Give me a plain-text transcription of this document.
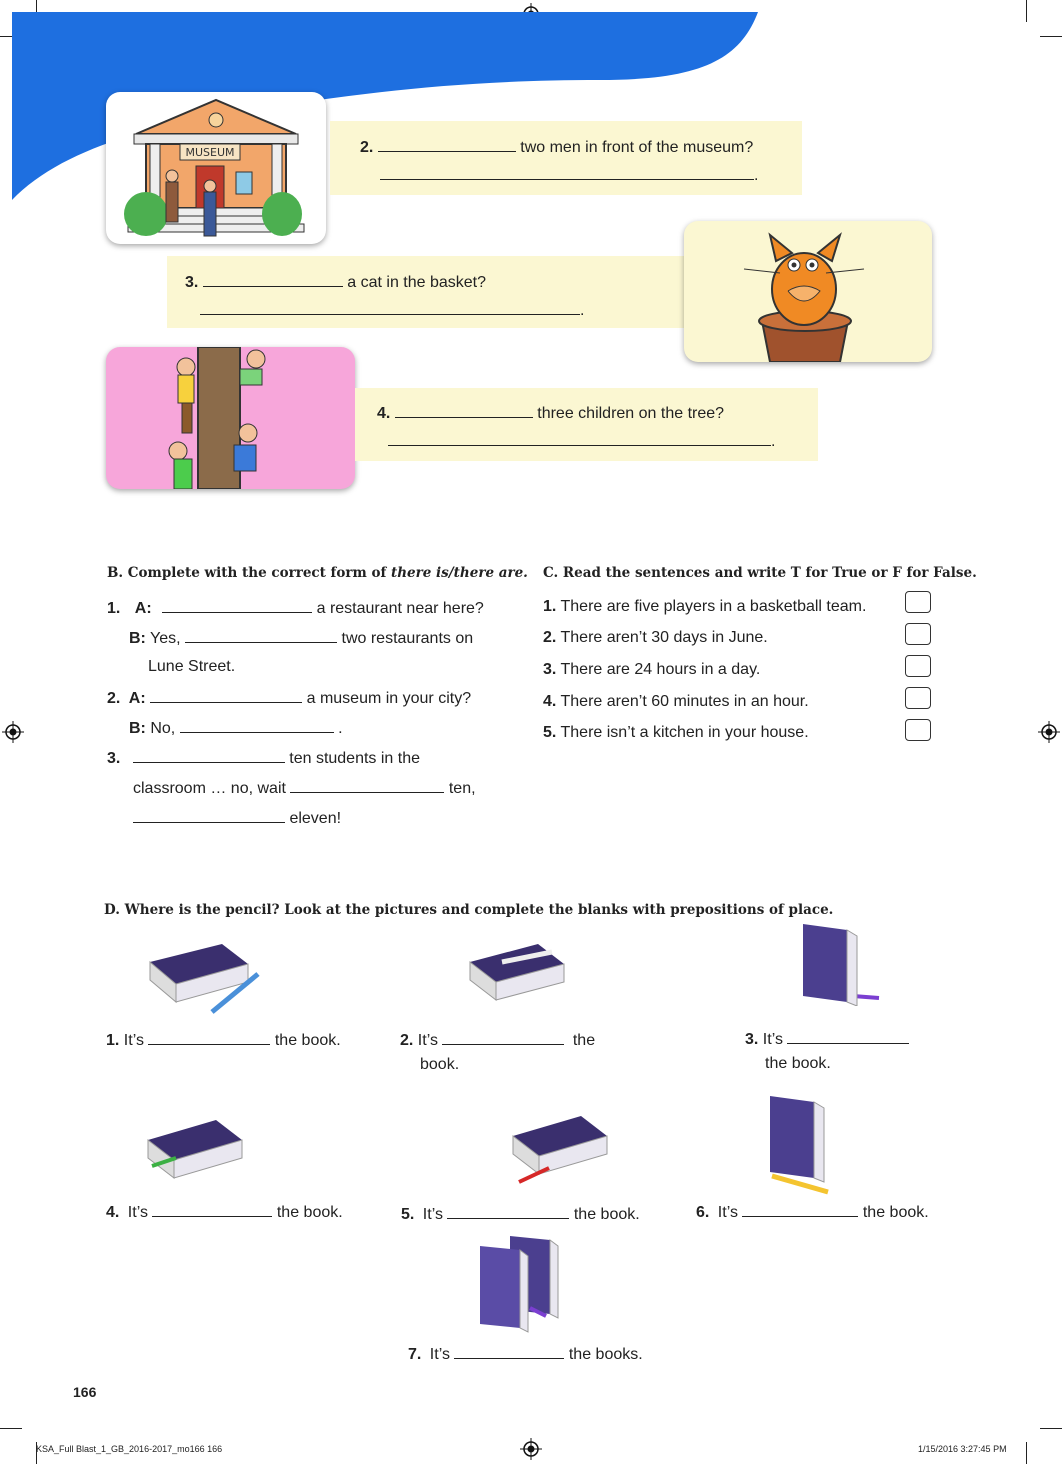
MUSEUM	2.	two men in front of the museum?
.
3.	a cat in the basket?
.
4.	three children on the tree?
.
B. Complete with the correct form of there is/there are.
1. A:	a restaurant near here?
B: Yes,	two restaurants on
Lune Street.
2. A:	a museum in your city?
B: No,	.
3.	ten students in the
classroom … no, wait	ten,
eleven!
C. Read the sentences and write T for True or F for False.
1. There are five players in a basketball team.
2. There aren’t 30 days in June.
3. There are 24 hours in a day.
4. There aren’t 60 minutes in an hour.
5. There isn’t a kitchen in your house.
D. Where is the pencil? Look at the pictures and complete the blanks with prepositions of place.
1. It’s	the book.	2. It’s	the
book.
3. It’s
the book.
4. It’s	the book.	5. It’s	the book.	6. It’s	the book.
7. It’s	the books.
166
KSA_Full Blast_1_GB_2016-2017_mo166 166	1/15/2016 3:27:45 PM
